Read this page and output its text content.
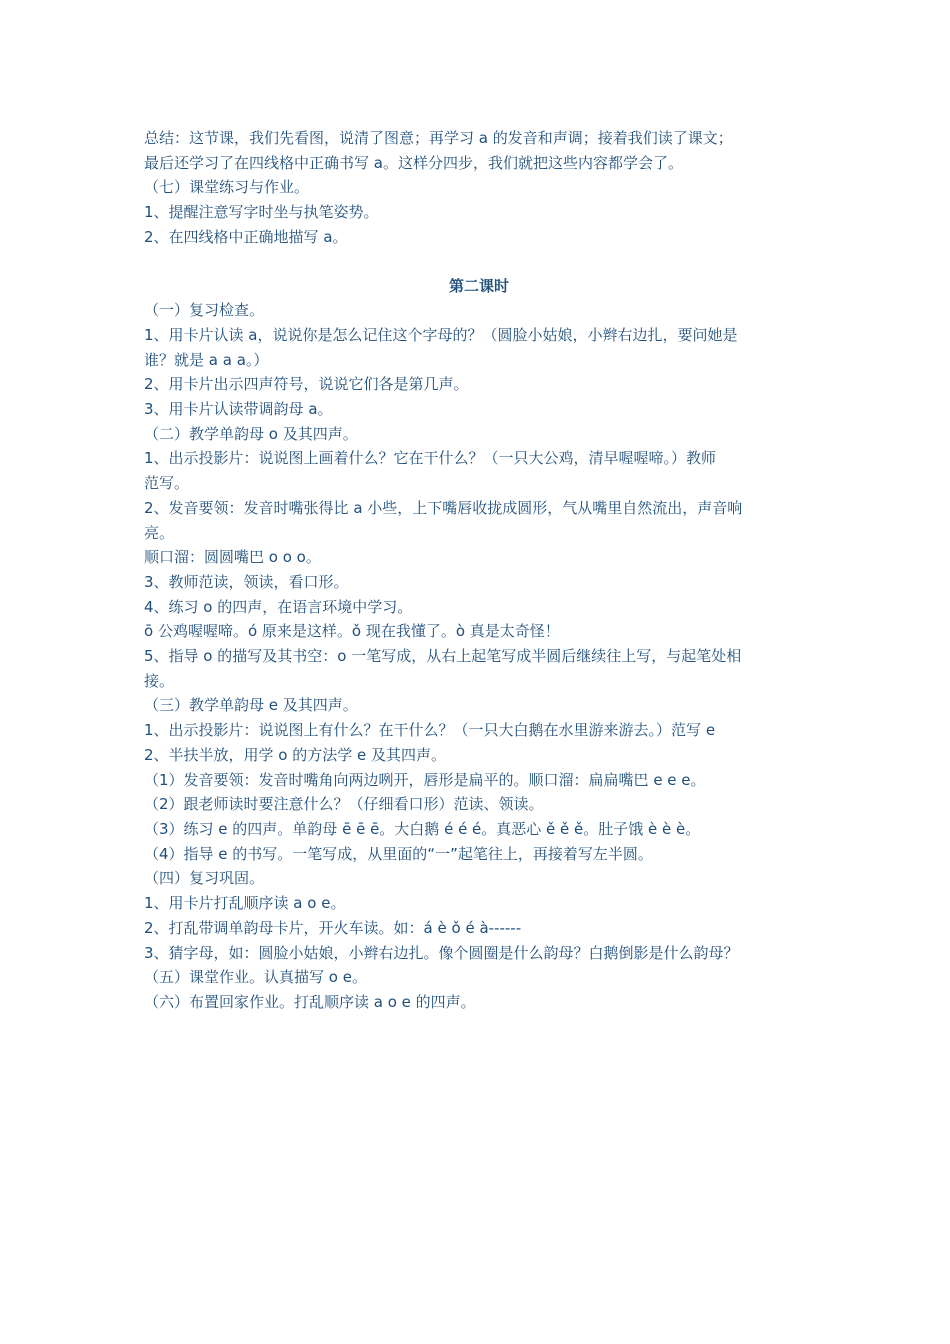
总结：这节课，我们先看图，说清了图意；再学习 a 的发音和声调；接着我们读了课文；

最后还学习了在四线格中正确书写 a。这样分四步，我们就把这些内容都学会了。

（七）课堂练习与作业。

1、提醒注意写字时坐与执笔姿势。

2、在四线格中正确地描写 a。

第二课时

（一）复习检查。

1、用卡片认读 a，说说你是怎么记住这个字母的？（圆脸小姑娘，小辫右边扎，要问她是

谁？就是 a a a。）

2、用卡片出示四声符号，说说它们各是第几声。

3、用卡片认读带调韵母 a。

（二）教学单韵母 o 及其四声。

1、出示投影片：说说图上画着什么？它在干什么？（一只大公鸡，清早喔喔啼。）教师

范写。

2、发音要领：发音时嘴张得比 a 小些，上下嘴唇收拢成圆形，气从嘴里自然流出，声音响

亮。

顺口溜：圆圆嘴巴 o o o。

3、教师范读，领读，看口形。

4、练习 o 的四声，在语言环境中学习。

ō 公鸡喔喔啼。ó 原来是这样。ǒ 现在我懂了。ò 真是太奇怪！

5、指导 o 的描写及其书空：o 一笔写成，从右上起笔写成半圆后继续往上写，与起笔处相

接。

（三）教学单韵母 e 及其四声。

1、出示投影片：说说图上有什么？在干什么？（一只大白鹅在水里游来游去。）范写 e

2、半扶半放，用学 o 的方法学 e 及其四声。

（1）发音要领：发音时嘴角向两边咧开，唇形是扁平的。顺口溜：扁扁嘴巴 e e e。

（2）跟老师读时要注意什么？（仔细看口形）范读、领读。

（3）练习 e 的四声。单韵母 ē ē ē。大白鹅 é é é。真恶心 ě ě ě。肚子饿 è è è。

（4）指导 e 的书写。一笔写成，从里面的“一”起笔往上，再接着写左半圆。

（四）复习巩固。

1、用卡片打乱顺序读 a o e。

2、打乱带调单韵母卡片，开火车读。如：á è ǒ é à------

3、猜字母，如：圆脸小姑娘，小辫右边扎。像个圆圈是什么韵母？白鹅倒影是什么韵母？

（五）课堂作业。认真描写 o e。

（六）布置回家作业。打乱顺序读 a o e 的四声。
